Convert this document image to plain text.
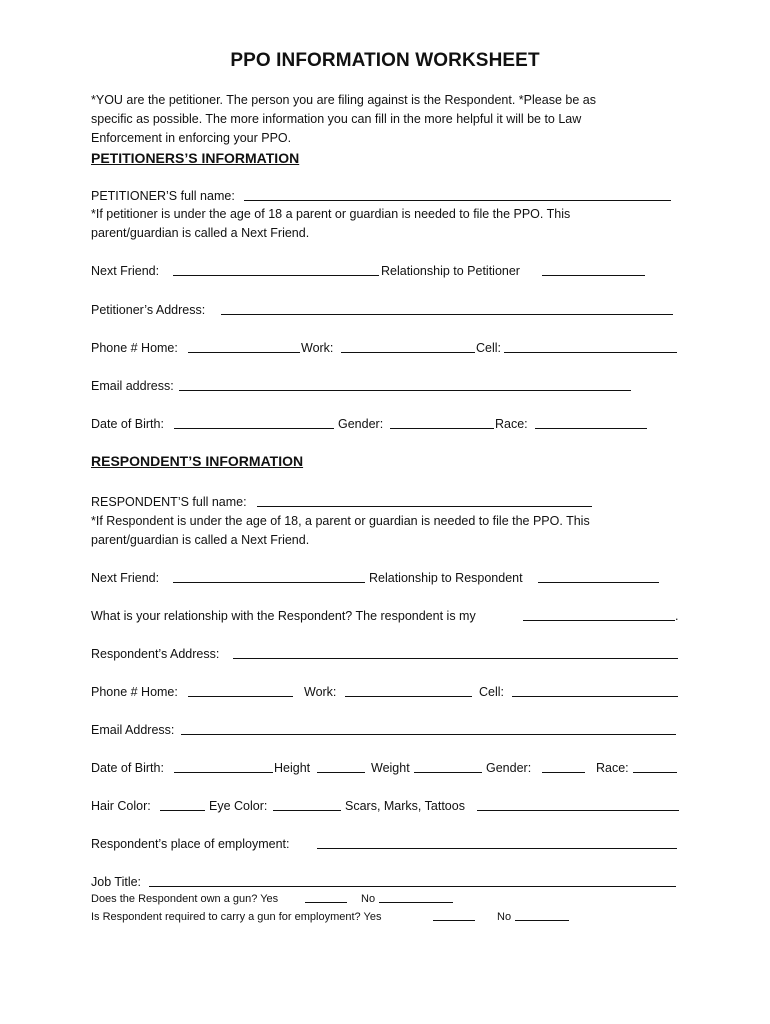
PPO INFORMATION WORKSHEET
*YOU are the petitioner. The person you are filing against is the Respondent. *Please be as
specific as possible. The more information you can fill in the more helpful it will be to Law
Enforcement in enforcing your PPO.
PETITIONERS’S INFORMATION
PETITIONER’S full name:
*If petitioner is under the age of 18 a parent or guardian is needed to file the PPO. This
parent/guardian is called a Next Friend.
Next Friend:	Relationship to Petitioner
Petitioner’s Address:
Phone # Home:	Work:	Cell:
Email address:
Date of Birth:	Gender:	Race:
RESPONDENT’S INFORMATION
RESPONDENT’S full name:
*If Respondent is under the age of 18, a parent or guardian is needed to file the PPO. This
parent/guardian is called a Next Friend.
Next Friend:	Relationship to Respondent
What is your relationship with the Respondent? The respondent is my	.
Respondent’s Address:
Phone # Home:	Work:	Cell:
Email Address:
Date of Birth:	Height	Weight	Gender:	Race:
Hair Color:	Eye Color:	Scars, Marks, Tattoos
Respondent’s place of employment:
Job Title:
Does the Respondent own a gun? Yes	No
Is Respondent required to carry a gun for employment? Yes	No
